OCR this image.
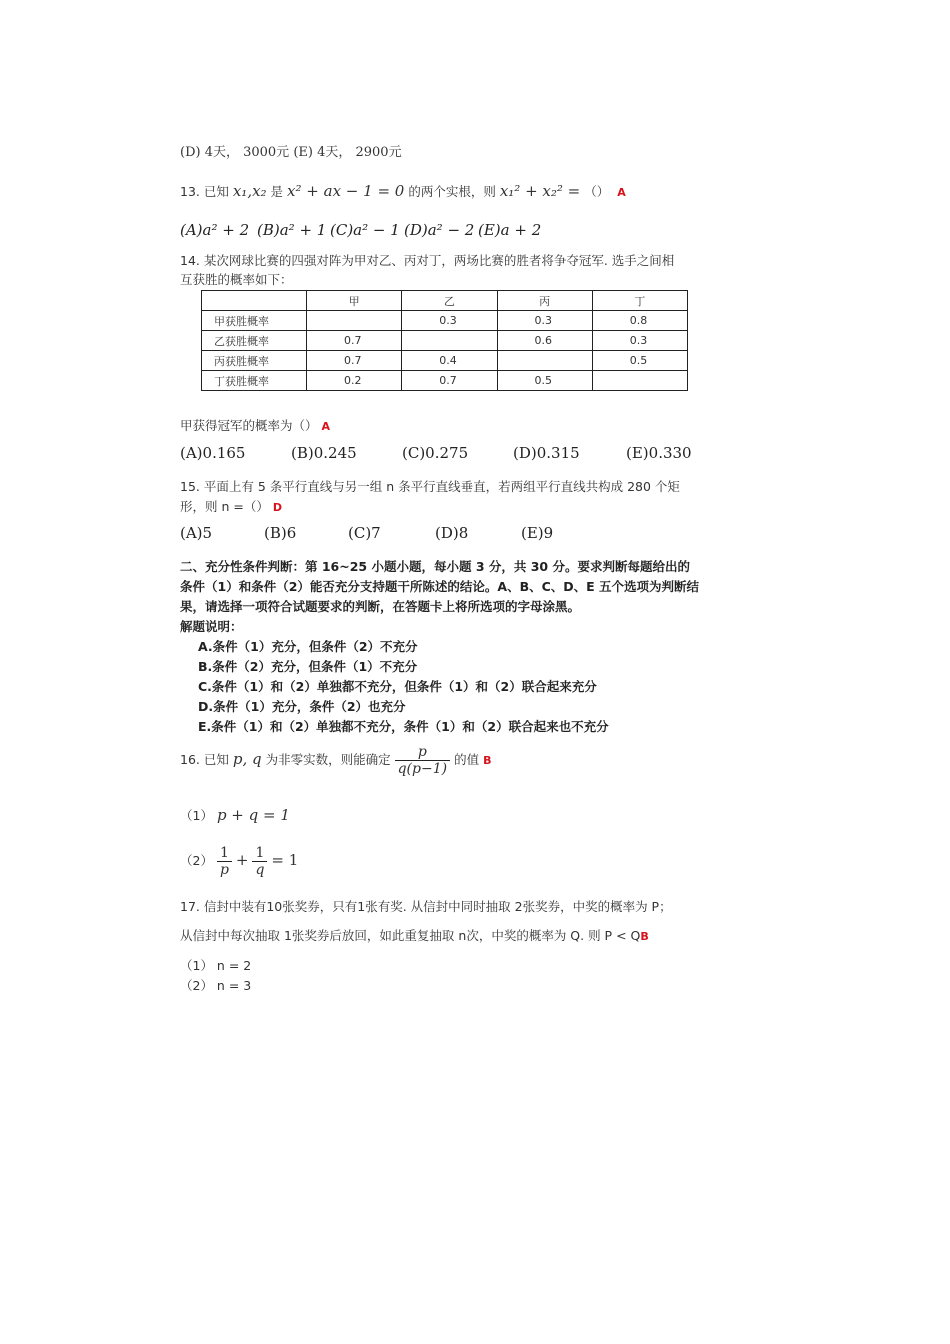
(D) 4天， 3000元 (E) 4天， 2900元
13. 已知 x₁,x₂ 是 x² + ax − 1 = 0 的两个实根，则 x₁² + x₂² = （） A
(A)a² + 2 (B)a² + 1 (C)a² − 1 (D)a² − 2 (E)a + 2
14. 某次网球比赛的四强对阵为甲对乙、丙对丁，两场比赛的胜者将争夺冠军. 选手之间相
互获胜的概率如下：
	甲	乙	丙	丁
甲获胜概率		0.3	0.3	0.8
乙获胜概率	0.7		0.6	0.3
丙获胜概率	0.7	0.4		0.5
丁获胜概率	0.2	0.7	0.5	
甲获得冠军的概率为（） A
(A)0.165	(B)0.245	(C)0.275	(D)0.315	(E)0.330
15. 平面上有 5 条平行直线与另一组 n 条平行直线垂直，若两组平行直线共构成 280 个矩
形，则 n =（） D
(A)5	(B)6	(C)7	(D)8	(E)9
二、充分性条件判断：第 16~25 小题小题，每小题 3 分，共 30 分。要求判断每题给出的
条件（1）和条件（2）能否充分支持题干所陈述的结论。A、B、C、D、E 五个选项为判断结
果，请选择一项符合试题要求的判断，在答题卡上将所选项的字母涂黑。
解题说明：
A.条件（1）充分，但条件（2）不充分
B.条件（2）充分，但条件（1）不充分
C.条件（1）和（2）单独都不充分，但条件（1）和（2）联合起来充分
D.条件（1）充分，条件（2）也充分
E.条件（1）和（2）单独都不充分，条件（1）和（2）联合起来也不充分
16. 已知 p, q 为非零实数，则能确定 $\frac{p}{q(p-1)}$ 的值 B
（1） p + q = 1
$(2) \frac{1}{p} + \frac{1}{q} = 1$
17. 信封中装有10张奖券，只有1张有奖. 从信封中同时抽取 2张奖券，中奖的概率为 P；
从信封中每次抽取 1张奖券后放回，如此重复抽取 n次，中奖的概率为 Q. 则 P < QB
（1） n = 2
（2） n = 3
